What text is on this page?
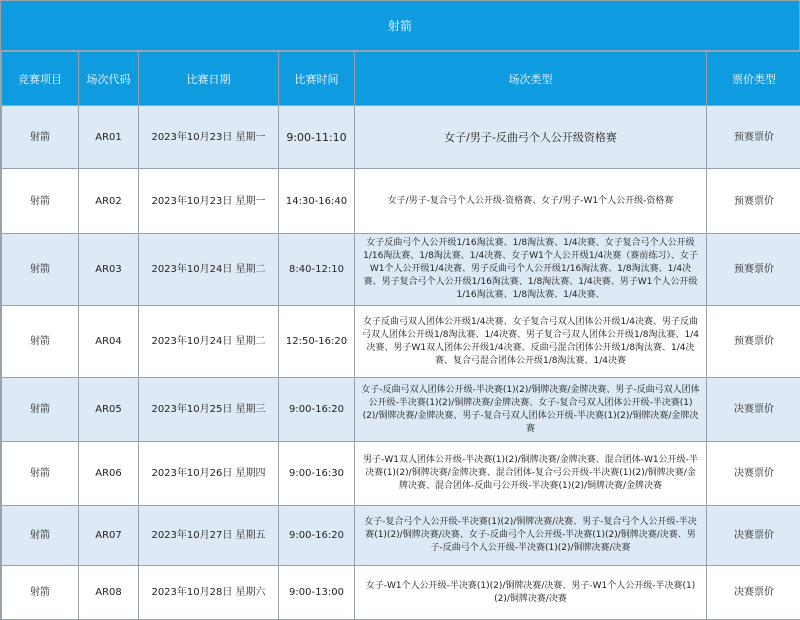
射箭
竞赛项目	场次代码	比赛日期	比赛时间	场次类型	票价类型
射箭	AR01	2023年10月23日 星期一	9:00-11:10	女子/男子-反曲弓个人公开级资格赛	预赛票价
射箭	AR02	2023年10月23日 星期一	14:30-16:40	女子/男子-复合弓个人公开级-资格赛、女子/男子-W1个人公开级-资格赛	预赛票价
射箭	AR03	2023年10月24日 星期二	8:40-12:10	女子反曲弓个人公开级1/16淘汰赛、1/8淘汰赛、1/4决赛、女子复合弓个人公开级1/16淘汰赛、1/8淘汰赛、1/4决赛、女子W1个人公开级1/4决赛（赛前练习）、女子W1个人公开级1/4决赛、男子反曲弓个人公开级1/16淘汰赛、1/8淘汰赛、1/4决赛、男子复合弓个人公开级1/16淘汰赛、1/8淘汰赛、1/4决赛、男子W1个人公开级1/16淘汰赛、1/8淘汰赛、1/4决赛、	预赛票价
射箭	AR04	2023年10月24日 星期二	12:50-16:20	女子反曲弓双人团体公开级1/4决赛、女子复合弓双人团体公开级1/4决赛、男子反曲弓双人团体公开级1/8淘汰赛、1/4决赛、男子复合弓双人团体公开级1/8淘汰赛、1/4决赛、男子W1双人团体公开级1/4决赛、反曲弓混合团体公开级1/8淘汰赛、1/4决赛、复合弓混合团体公开级1/8淘汰赛、1/4决赛	预赛票价
射箭	AR05	2023年10月25日 星期三	9:00-16:20	女子-反曲弓双人团体公开级-半决赛(1)(2)/铜牌决赛/金牌决赛、男子-反曲弓双人团体公开级-半决赛(1)(2)/铜牌决赛/金牌决赛、女子-复合弓双人团体公开级-半决赛(1)(2)/铜牌决赛/金牌决赛、男子-复合弓双人团体公开级-半决赛(1)(2)/铜牌决赛/金牌决赛	决赛票价
射箭	AR06	2023年10月26日 星期四	9:00-16:30	男子-W1双人团体公开级-半决赛(1)(2)/铜牌决赛/金牌决赛、混合团体-W1公开级-半决赛(1)(2)/铜牌决赛/金牌决赛、混合团体-复合弓公开级-半决赛(1)(2)/铜牌决赛/金牌决赛、混合团体-反曲弓公开级-半决赛(1)(2)/铜牌决赛/金牌决赛	决赛票价
射箭	AR07	2023年10月27日 星期五	9:00-16:20	女子-复合弓个人公开级-半决赛(1)(2)/铜牌决赛/决赛、男子-复合弓个人公开级-半决赛(1)(2)/铜牌决赛/决赛、女子-反曲弓个人公开级-半决赛(1)(2)/铜牌决赛/决赛、男子-反曲弓个人公开级-半决赛(1)(2)/铜牌决赛/决赛	决赛票价
射箭	AR08	2023年10月28日 星期六	9:00-13:00	女子-W1个人公开级-半决赛(1)(2)/铜牌决赛/决赛、男子-W1个人公开级-半决赛(1)(2)/铜牌决赛/决赛	决赛票价
